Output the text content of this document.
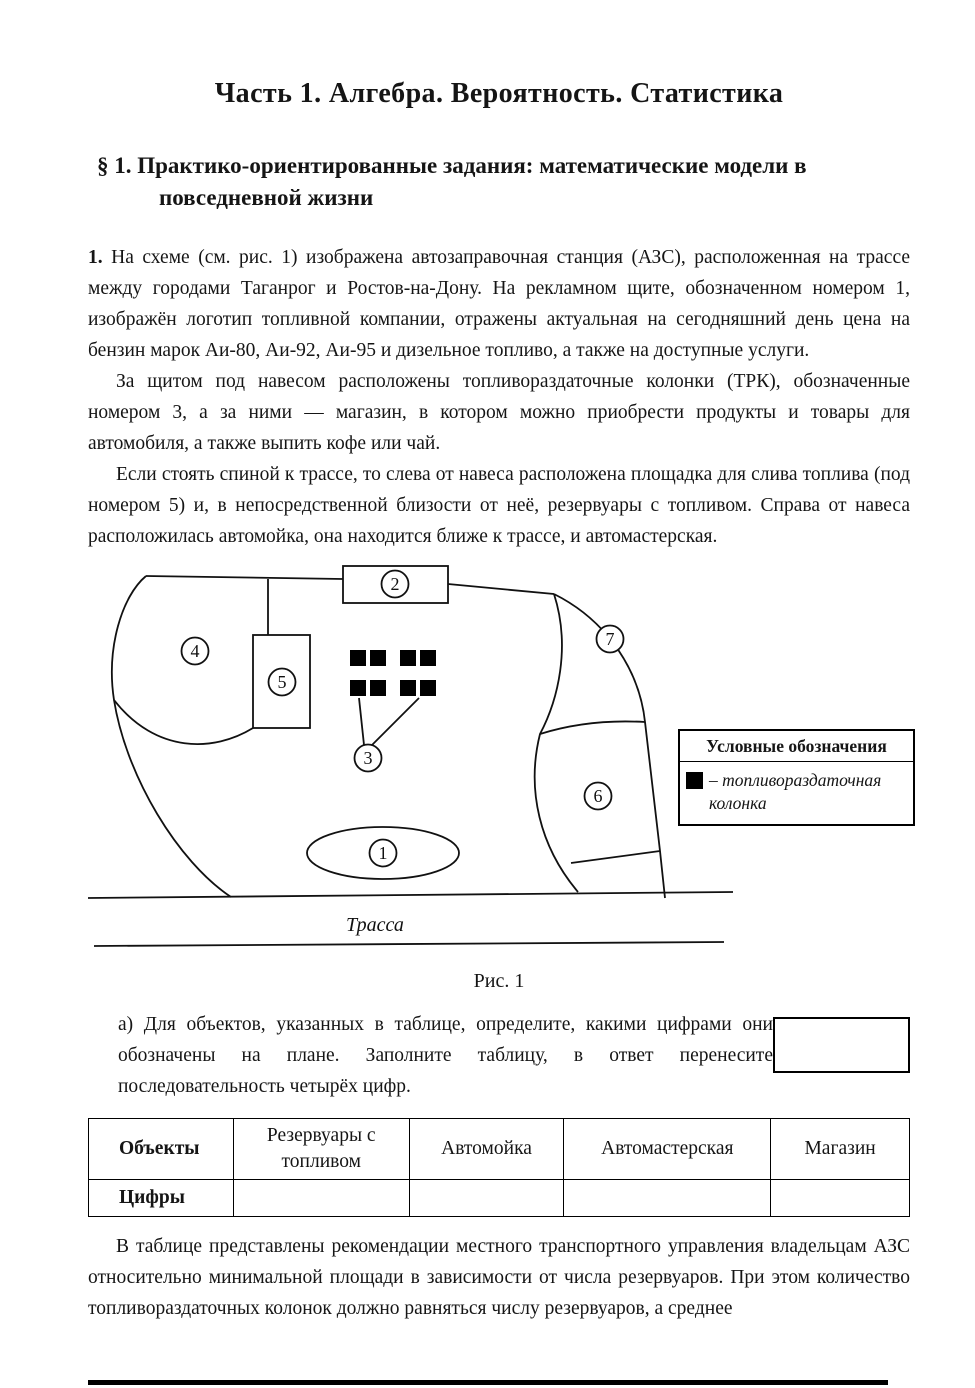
Часть 1. Алгебра. Вероятность. Статистика
§ 1. Практико-ориентированные задания: математические модели в повседневной жизни

1. На схеме (см. рис. 1) изображена автозаправочная станция (АЗС), расположенная на трассе между городами Таганрог и Ростов-на-Дону. На рекламном щите, обозначенном номером 1, изображён логотип топливной компании, отражены актуальная на сегодняшний день цена на бензин марок Аи-80, Аи-92, Аи-95 и дизельное топливо, а также на доступные услуги.

За щитом под навесом расположены топливораздаточные колонки (ТРК), обозначенные номером 3, а за ними — магазин, в котором можно приобрести продукты и товары для автомобиля, а также выпить кофе или чай.

Если стоять спиной к трассе, то слева от навеса расположена площадка для слива топлива (под номером 5) и, в непосредственной близости от неё, резервуары с топливом. Справа от навеса расположилась автомойка, она находится ближе к трассе, и автомастерская.

Трасса
2
4
5
7
3
6
1
Условные обозначения
– топливораздаточная колонка

Рис. 1

а) Для объектов, указанных в таблице, определите, какими цифрами они обозначены на плане. Заполните таблицу, в ответ перенесите последовательность четырёх цифр.

Объекты	Резервуары с топливом	Автомойка	Автомастерская	Магазин
Цифры				

В таблице представлены рекомендации местного транспортного управления владельцам АЗС относительно минимальной площади в зависимости от числа резервуаров. При этом количество топливораздаточных колонок должно равняться числу резервуаров, а среднее
